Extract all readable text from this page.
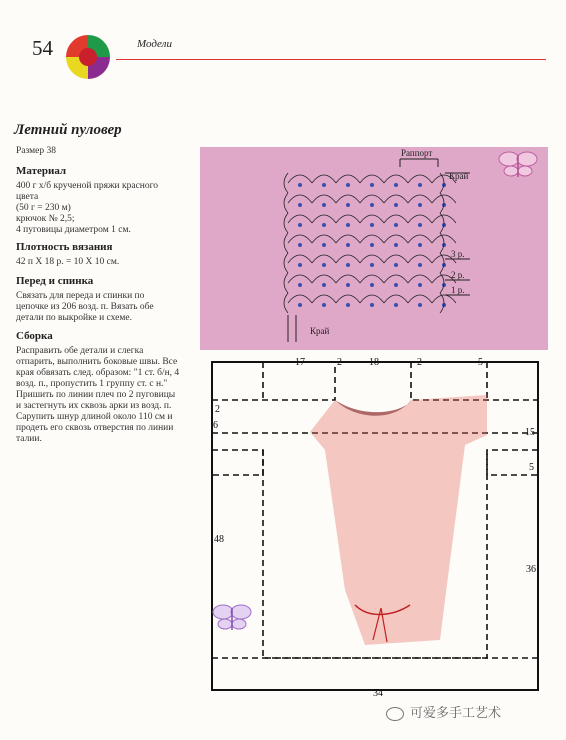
54	Модели
Летний пуловер
Размер 38
Материал
400 г х/б крученой пряжи красного
цвета
(50 г = 230 м)
крючок № 2,5;
4 пуговицы диаметром 1 см.
Плотность вязания
42 п Х 18 р. = 10 Х 10 см.
Перед и спинка
Связать для переда и спинки по
цепочке из 206 возд. п. Вязать обе
детали по выкройке и схеме.
Сборка
Расправить обе детали и слегка
отпарить, выполнить боковые швы. Все
края обвязать след. образом: "1 ст. б/н, 4
возд. п., пропустить 1 группу ст. с н."
Пришить по линии плеч по 2 пуговицы
и застегнуть их сквозь арки из возд. п.
Сарупить шнур длиной около 110 см и
продеть его сквозь отверстия по линии
талии.
Раппорт
Край
3 р.
2 р.
1 р.
Край
17	18	2	5
2
2
6
48
15
5
36
34
可爱多手工艺术
